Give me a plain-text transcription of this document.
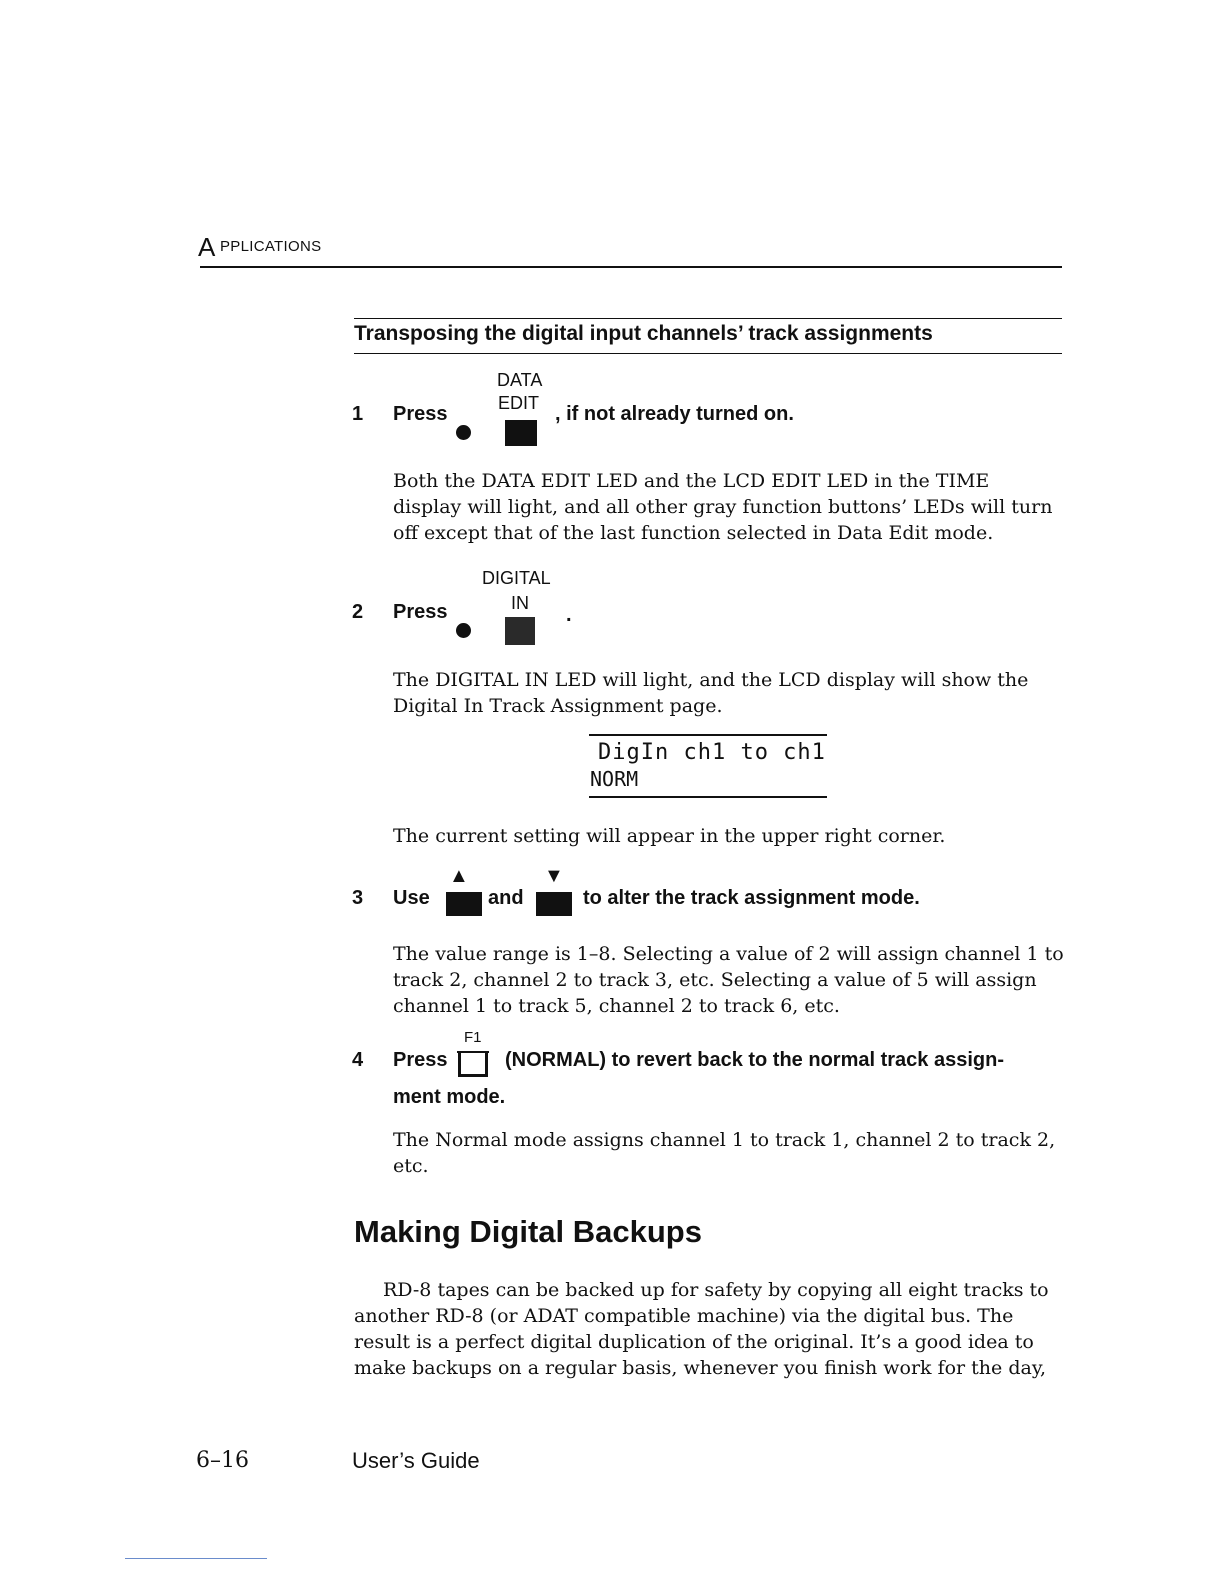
A PPLICATIONS
Transposing the digital input channels’ track assignments
1 Press
DATA
EDIT , if not already turned on.
Both the DATA EDIT LED and the LCD EDIT LED in the TIME
display will light, and all other gray function buttons’ LEDs will turn
off except that of the last function selected in Data Edit mode.
DIGITAL
IN
2 Press	.
The DIGITAL IN LED will light, and the LCD display will show the
Digital In Track Assignment page.
DigIn ch1 to ch1
NORM
The current setting will appear in the upper right corner.
3 Use
▲
and
▼
to alter the track assignment mode.
The value range is 1–8. Selecting a value of 2 will assign channel 1 to
track 2, channel 2 to track 3, etc. Selecting a value of 5 will assign
channel 1 to track 5, channel 2 to track 6, etc.
4 Press
F1
(NORMAL) to revert back to the normal track assign-
ment mode.
The Normal mode assigns channel 1 to track 1, channel 2 to track 2,
etc.
Making Digital Backups
RD-8 tapes can be backed up for safety by copying all eight tracks to
another RD-8 (or ADAT compatible machine) via the digital bus. The
result is a perfect digital duplication of the original. It’s a good idea to
make backups on a regular basis, whenever you finish work for the day,
6–16	User’s Guide
